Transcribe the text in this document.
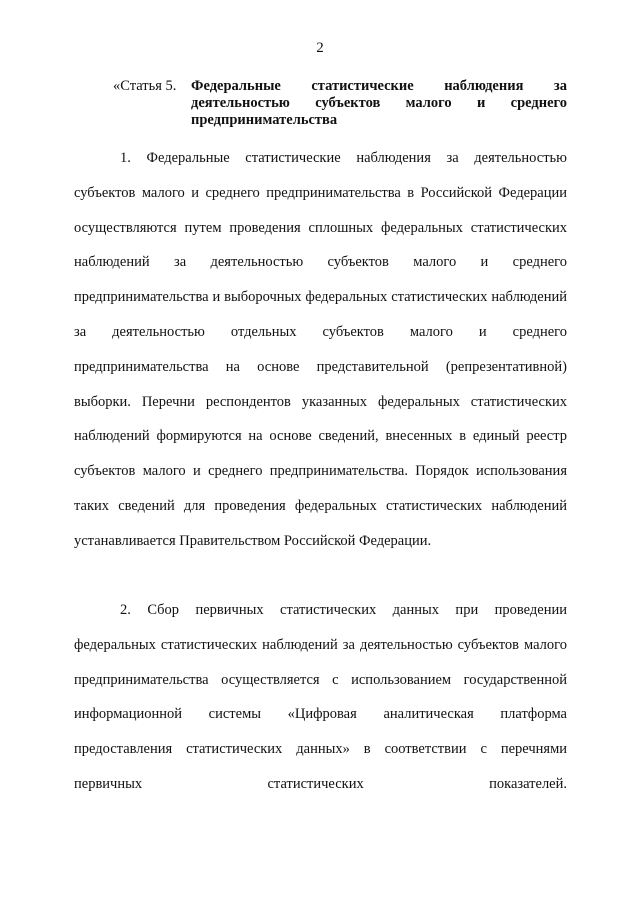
2
«Статья 5.	Федеральные статистические наблюдения за деятельностью субъектов малого и среднего предпринимательства

1. Федеральные статистические наблюдения за деятельностью субъектов малого и среднего предпринимательства в Российской Федерации осуществляются путем проведения сплошных федеральных статистических наблюдений за деятельностью субъектов малого и среднего предпринимательства и выборочных федеральных статистических наблюдений за деятельностью отдельных субъектов малого и среднего предпринимательства на основе представительной (репрезентативной) выборки. Перечни респондентов указанных федеральных статистических наблюдений формируются на основе сведений, внесенных в единый реестр субъектов малого и среднего предпринимательства. Порядок использования таких сведений для проведения федеральных статистических наблюдений устанавливается Правительством Российской Федерации.

2. Сбор первичных статистических данных при проведении федеральных статистических наблюдений за деятельностью субъектов малого предпринимательства осуществляется с использованием государственной информационной системы «Цифровая аналитическая платформа предоставления статистических данных» в соответствии с перечнями первичных статистических показателей.
